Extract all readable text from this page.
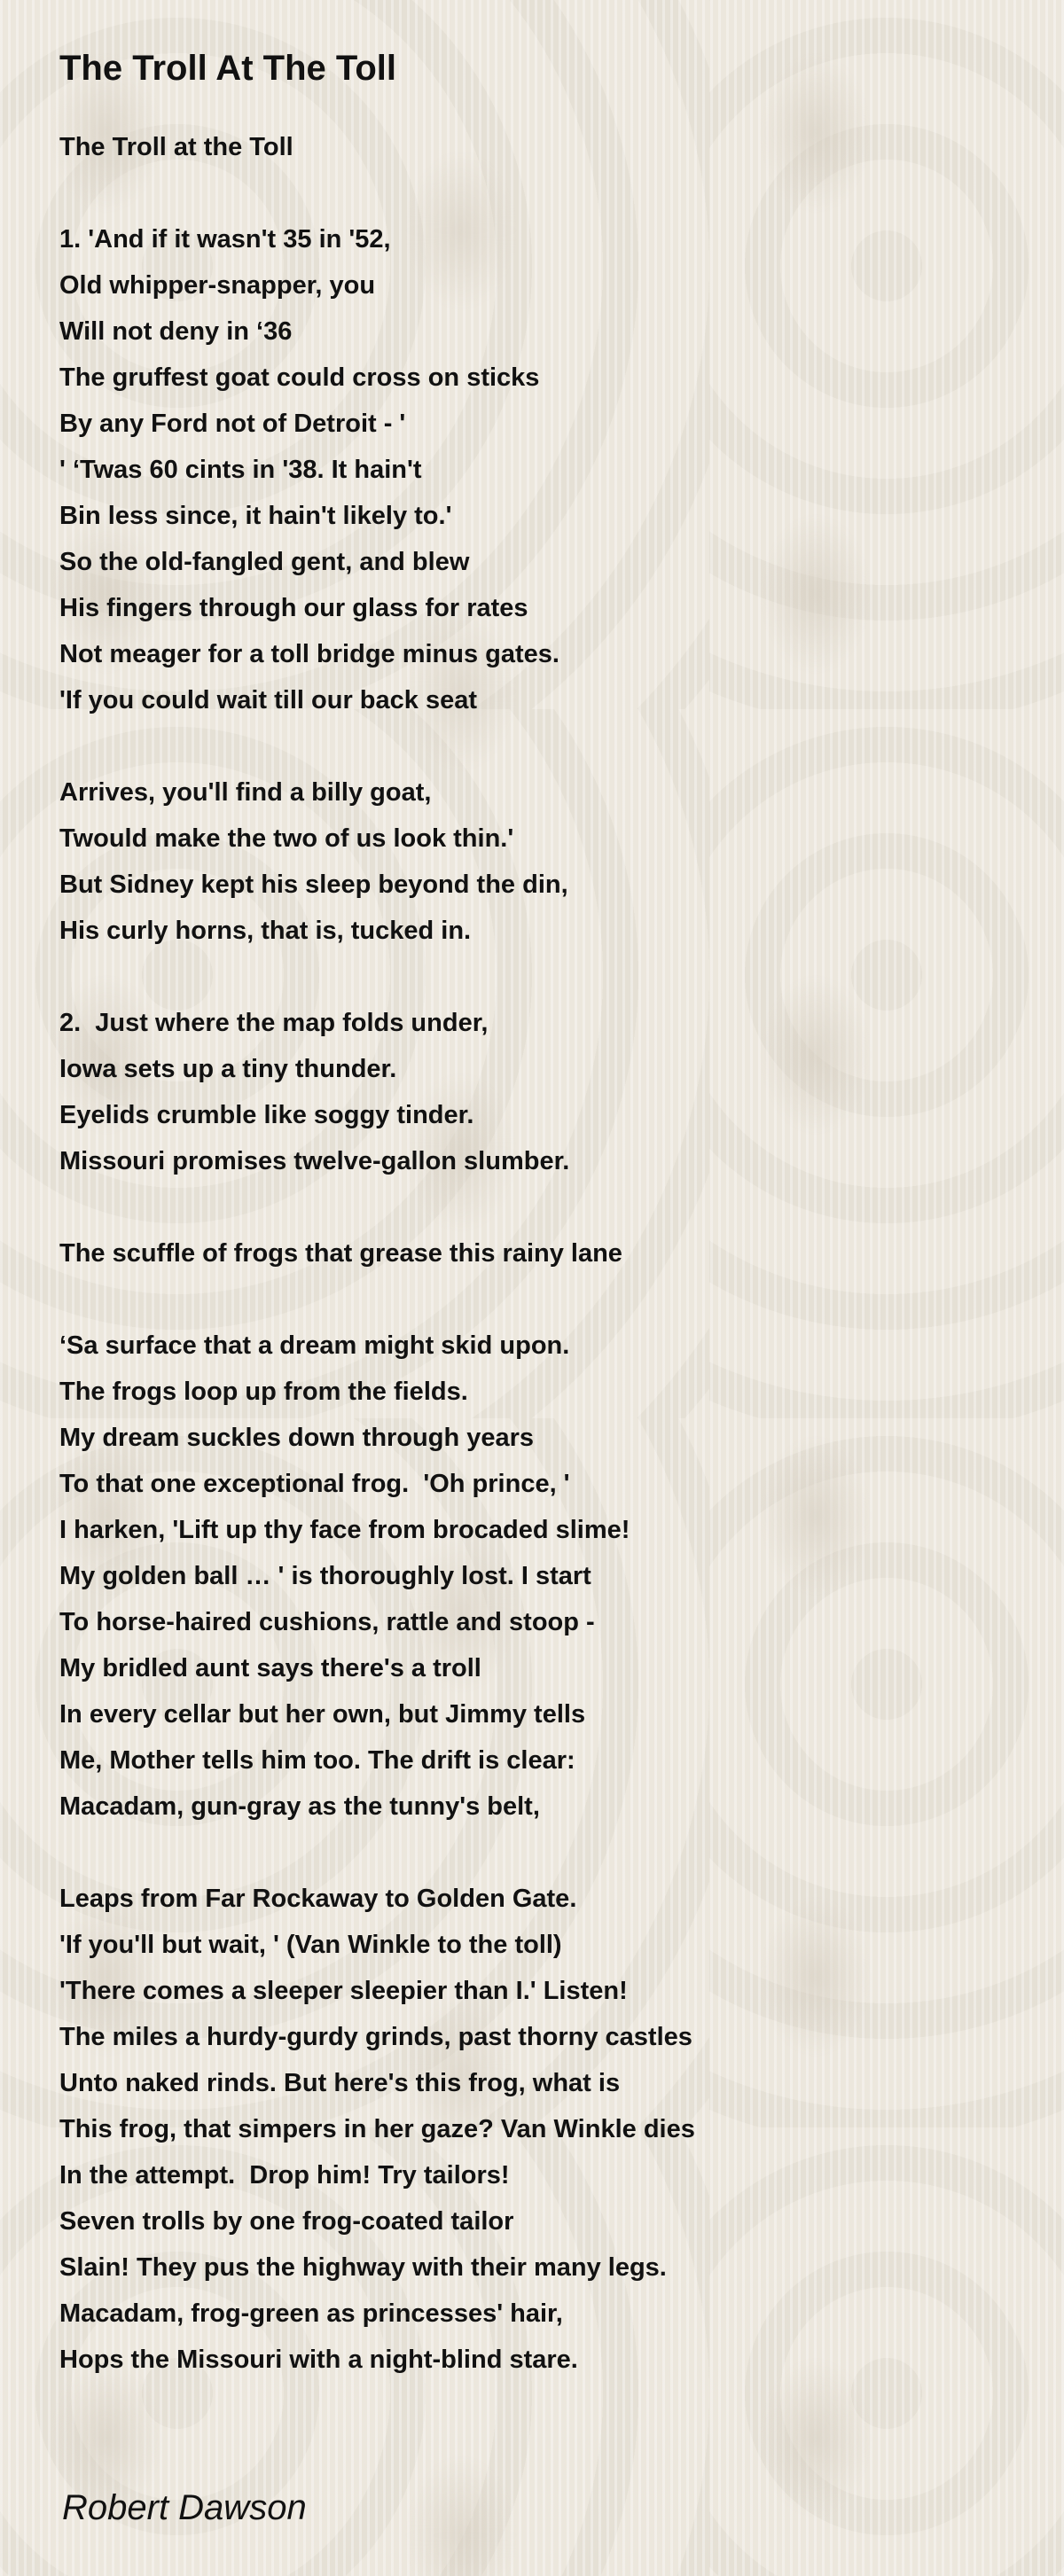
The Troll At The Toll
The Troll at the Toll
1. 'And if it wasn't 35 in '52,
Old whipper-snapper, you
Will not deny in ‘36
The gruffest goat could cross on sticks
By any Ford not of Detroit - '
' ‘Twas 60 cints in '38. It hain't
Bin less since, it hain't likely to.'
So the old-fangled gent, and blew
His fingers through our glass for rates
Not meager for a toll bridge minus gates.
'If you could wait till our back seat
Arrives, you'll find a billy goat,
Twould make the two of us look thin.'
But Sidney kept his sleep beyond the din,
His curly horns, that is, tucked in.
2.  Just where the map folds under,
Iowa sets up a tiny thunder.
Eyelids crumble like soggy tinder.
Missouri promises twelve-gallon slumber.
The scuffle of frogs that grease this rainy lane
‘Sa surface that a dream might skid upon.
The frogs loop up from the fields.
My dream suckles down through years
To that one exceptional frog.  'Oh prince, '
I harken, 'Lift up thy face from brocaded slime!
My golden ball … ' is thoroughly lost. I start
To horse-haired cushions, rattle and stoop -
My bridled aunt says there's a troll
In every cellar but her own, but Jimmy tells
Me, Mother tells him too. The drift is clear:
Macadam, gun-gray as the tunny's belt,
Leaps from Far Rockaway to Golden Gate.
'If you'll but wait, ' (Van Winkle to the toll)
'There comes a sleeper sleepier than I.' Listen!
The miles a hurdy-gurdy grinds, past thorny castles
Unto naked rinds. But here's this frog, what is
This frog, that simpers in her gaze? Van Winkle dies
In the attempt.  Drop him! Try tailors!
Seven trolls by one frog-coated tailor
Slain! They pus the highway with their many legs.
Macadam, frog-green as princesses' hair,
Hops the Missouri with a night-blind stare.
Robert Dawson
